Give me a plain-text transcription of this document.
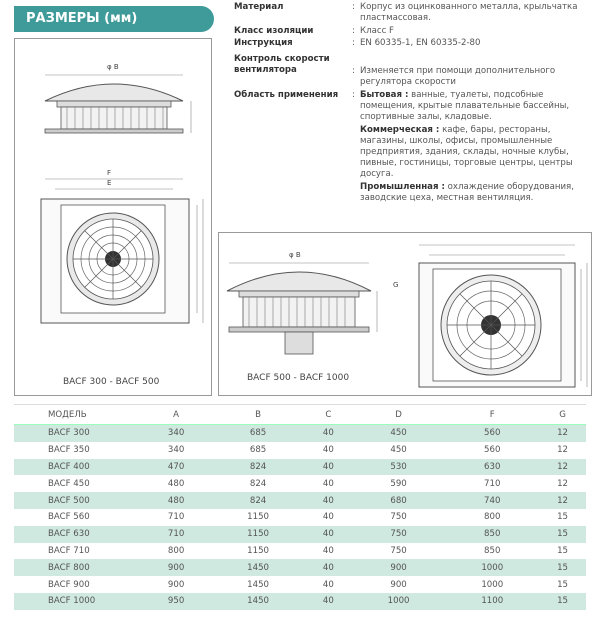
РАЗМЕРЫ (мм)
BACF 300 - BACF 500
φ B
F
E
BACF 500 - BACF 1000
φ B
G
Материал	: Корпус из оцинкованного металла, крыльчатка пластмассовая.
Класс изоляции	: Класс F
Инструкция	: EN 60335-1, EN 60335-2-80
Контроль скорости вентилятора	: Изменяется при помощи дополнительного регулятора скорости
Область применения	: Бытовая : ванные, туалеты, подсобные помещения, крытые плавательные бассейны, спортивные залы, кладовые.
Коммерческая : кафе, бары, рестораны, магазины, школы, офисы, промышленные предприятия, здания, склады, ночные клубы, пивные, гостиницы, торговые центры, центры досуга.
Промышленная : охлаждение оборудования, заводские цеха, местная вентиляция.
МОДЕЛЬ	A	B	C	D	F	G
BACF 300	340	685	40	450	560	12
BACF 350	340	685	40	450	560	12
BACF 400	470	824	40	530	630	12
BACF 450	480	824	40	590	710	12
BACF 500	480	824	40	680	740	12
BACF 560	710	1150	40	750	800	15
BACF 630	710	1150	40	750	850	15
BACF 710	800	1150	40	750	850	15
BACF 800	900	1450	40	900	1000	15
BACF 900	900	1450	40	900	1000	15
BACF 1000	950	1450	40	1000	1100	15
